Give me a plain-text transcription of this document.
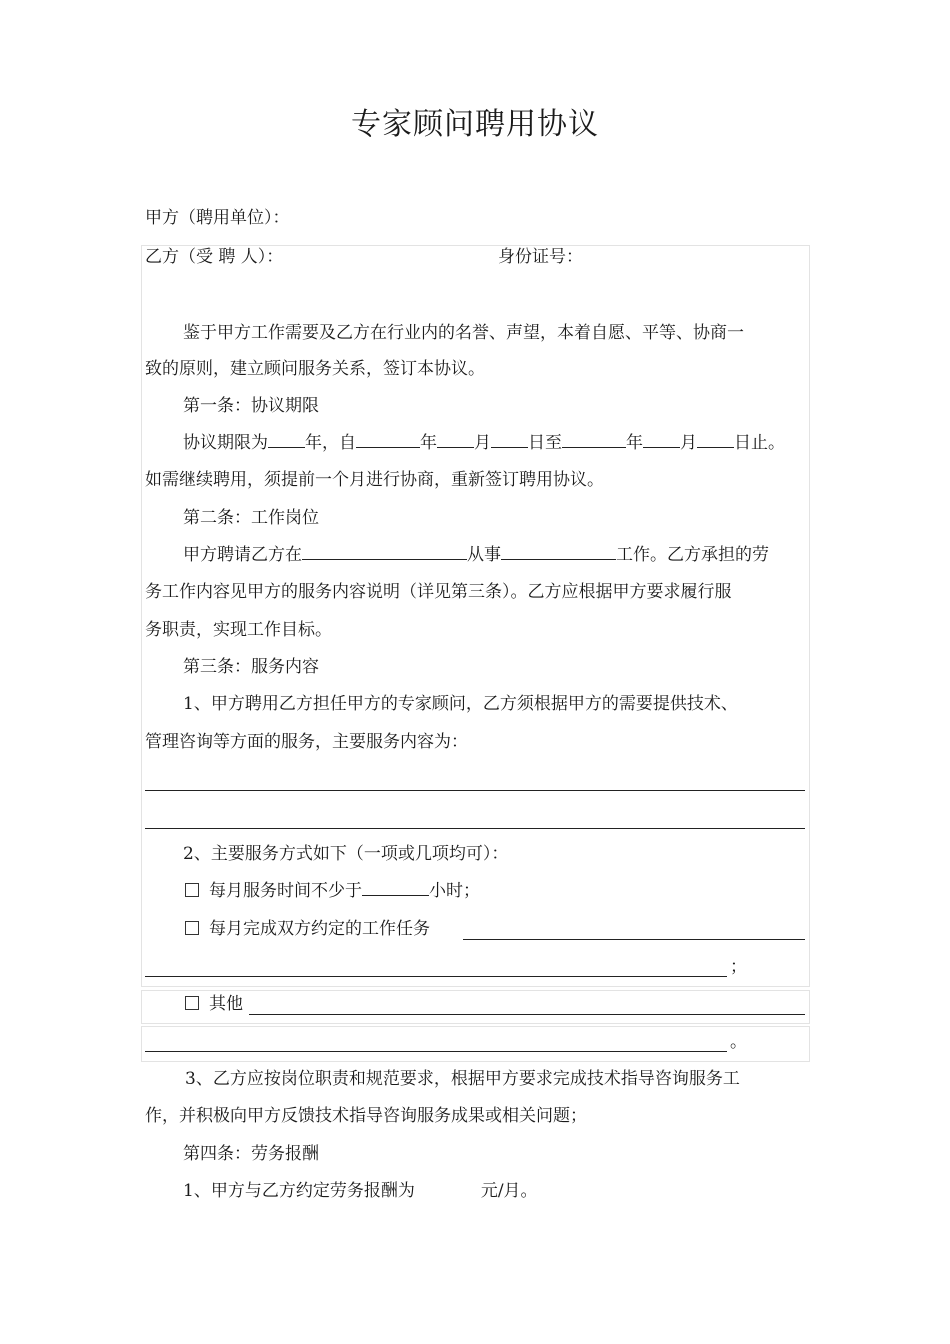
专家顾问聘用协议
甲方（聘用单位）：
乙方（受 聘 人）：	身份证号：
鉴于甲方工作需要及乙方在行业内的名誉、声望，本着自愿、平等、协商一
致的原则，建立顾问服务关系，签订本协议。
第一条：协议期限
协议期限为 年，自	年 月 日至	年 月 日止。
如需继续聘用，须提前一个月进行协商，重新签订聘用协议。
第二条：工作岗位
甲方聘请乙方在	从事	工作。乙方承担的劳
务工作内容见甲方的服务内容说明（详见第三条）。乙方应根据甲方要求履行服
务职责，实现工作目标。
第三条：服务内容
1、甲方聘用乙方担任甲方的专家顾问，乙方须根据甲方的需要提供技术、
管理咨询等方面的服务，主要服务内容为：
2、主要服务方式如下（一项或几项均可）：
每月服务时间不少于	小时；
每月完成双方约定的工作任务
；
其他
。
3、乙方应按岗位职责和规范要求，根据甲方要求完成技术指导咨询服务工
作，并积极向甲方反馈技术指导咨询服务成果或相关问题；
第四条：劳务报酬
1、甲方与乙方约定劳务报酬为	元/月。
